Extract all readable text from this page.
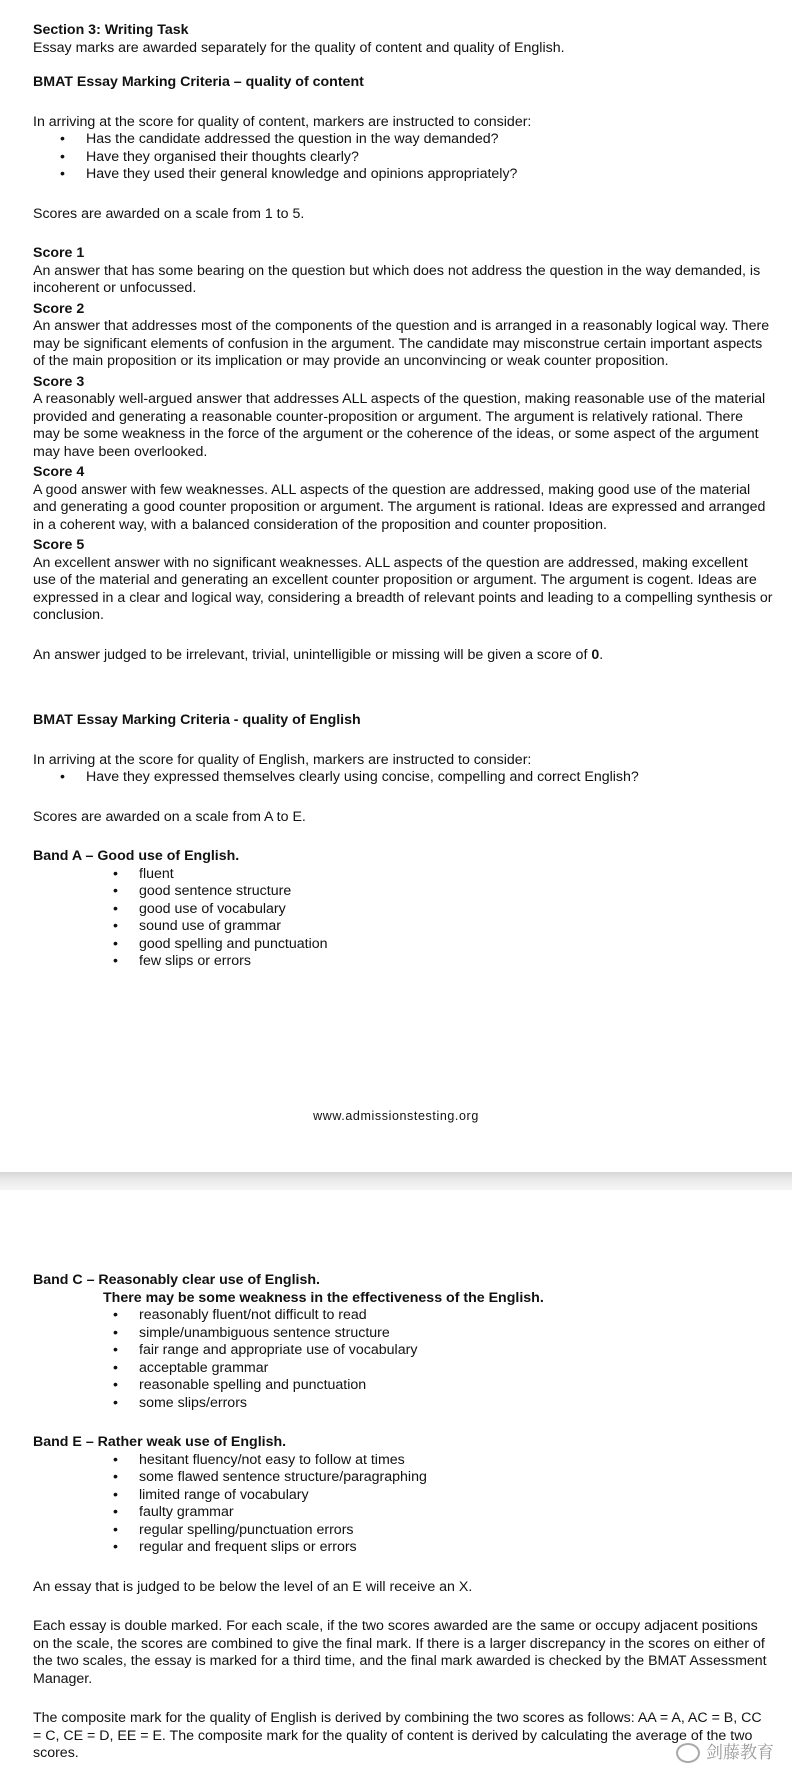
Section 3: Writing Task

Essay marks are awarded separately for the quality of content and quality of English.

BMAT Essay Marking Criteria – quality of content

In arriving at the score for quality of content, markers are instructed to consider:

• Has the candidate addressed the question in the way demanded?
• Have they organised their thoughts clearly?
• Have they used their general knowledge and opinions appropriately?

Scores are awarded on a scale from 1 to 5.

Score 1

An answer that has some bearing on the question but which does not address the question in the way demanded, is incoherent or unfocussed.

Score 2

An answer that addresses most of the components of the question and is arranged in a reasonably logical way. There may be significant elements of confusion in the argument. The candidate may misconstrue certain important aspects of the main proposition or its implication or may provide an unconvincing or weak counter proposition.

Score 3

A reasonably well-argued answer that addresses ALL aspects of the question, making reasonable use of the material provided and generating a reasonable counter-proposition or argument. The argument is relatively rational. There may be some weakness in the force of the argument or the coherence of the ideas, or some aspect of the argument may have been overlooked.

Score 4

A good answer with few weaknesses. ALL aspects of the question are addressed, making good use of the material and generating a good counter proposition or argument. The argument is rational. Ideas are expressed and arranged in a coherent way, with a balanced consideration of the proposition and counter proposition.

Score 5

An excellent answer with no significant weaknesses. ALL aspects of the question are addressed, making excellent use of the material and generating an excellent counter proposition or argument. The argument is cogent. Ideas are expressed in a clear and logical way, considering a breadth of relevant points and leading to a compelling synthesis or conclusion.

An answer judged to be irrelevant, trivial, unintelligible or missing will be given a score of 0.

BMAT Essay Marking Criteria - quality of English

In arriving at the score for quality of English, markers are instructed to consider:

• Have they expressed themselves clearly using concise, compelling and correct English?

Scores are awarded on a scale from A to E.

Band A – Good use of English.

• fluent
• good sentence structure
• good use of vocabulary
• sound use of grammar
• good spelling and punctuation
• few slips or errors
www.admissionstesting.org

Band C – Reasonably clear use of English.

There may be some weakness in the effectiveness of the English.

• reasonably fluent/not difficult to read
• simple/unambiguous sentence structure
• fair range and appropriate use of vocabulary
• acceptable grammar
• reasonable spelling and punctuation
• some slips/errors

Band E – Rather weak use of English.

• hesitant fluency/not easy to follow at times
• some flawed sentence structure/paragraphing
• limited range of vocabulary
• faulty grammar
• regular spelling/punctuation errors
• regular and frequent slips or errors

An essay that is judged to be below the level of an E will receive an X.

Each essay is double marked. For each scale, if the two scores awarded are the same or occupy adjacent positions on the scale, the scores are combined to give the final mark. If there is a larger discrepancy in the scores on either of the two scales, the essay is marked for a third time, and the final mark awarded is checked by the BMAT Assessment Manager.

The composite mark for the quality of English is derived by combining the two scores as follows: AA = A, AC = B, CC = C, CE = D, EE = E. The composite mark for the quality of content is derived by calculating the average of the two scores.	剑藤教育
